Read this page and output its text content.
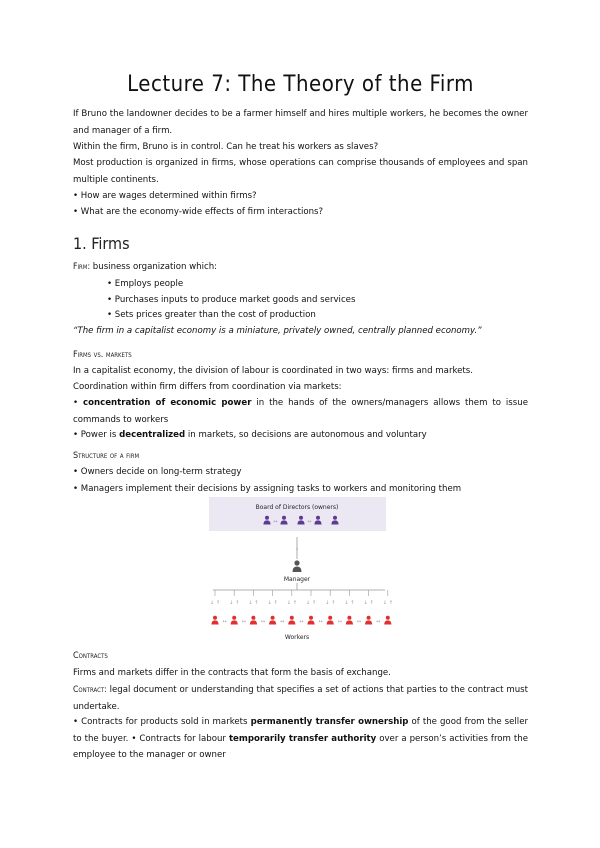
Lecture 7: The Theory of the Firm
If Bruno the landowner decides to be a farmer himself and hires multiple workers, he becomes the owner and manager of a firm.
Within the firm, Bruno is in control. Can he treat his workers as slaves?
Most production is organized in firms, whose operations can comprise thousands of employees and span multiple continents.
• How are wages determined within firms?
• What are the economy-wide effects of firm interactions?
1. Firms
Firm: business organization which:
• Employs people
• Purchases inputs to produce market goods and services
• Sets prices greater than the cost of production
“The firm in a capitalist economy is a miniature, privately owned, centrally planned economy.”
Firms vs. markets
In a capitalist economy, the division of labour is coordinated in two ways: firms and markets.
Coordination within firm differs from coordination via markets:
• concentration of economic power in the hands of the owners/managers allows them to issue commands to workers
• Power is decentralized in markets, so decisions are autonomous and voluntary
Structure of a firm
• Owners decide on long-term strategy
• Managers implement their decisions by assigning tasks to workers and monitoring them
Board of Directors (owners)
↔	↔
↓
Manager
↓ ↑
↔
↓ ↑
↔
↓ ↑
↔
↓ ↑
↔
↓ ↑
↔
↓ ↑
↔
↓ ↑
↔
↓ ↑
↔
↓ ↑
↔
↓ ↑
Workers
Contracts
Firms and markets differ in the contracts that form the basis of exchange.
Contract: legal document or understanding that specifies a set of actions that parties to the contract must undertake.
• Contracts for products sold in markets permanently transfer ownership of the good from the seller to the buyer. • Contracts for labour temporarily transfer authority over a person’s activities from the employee to the manager or owner
